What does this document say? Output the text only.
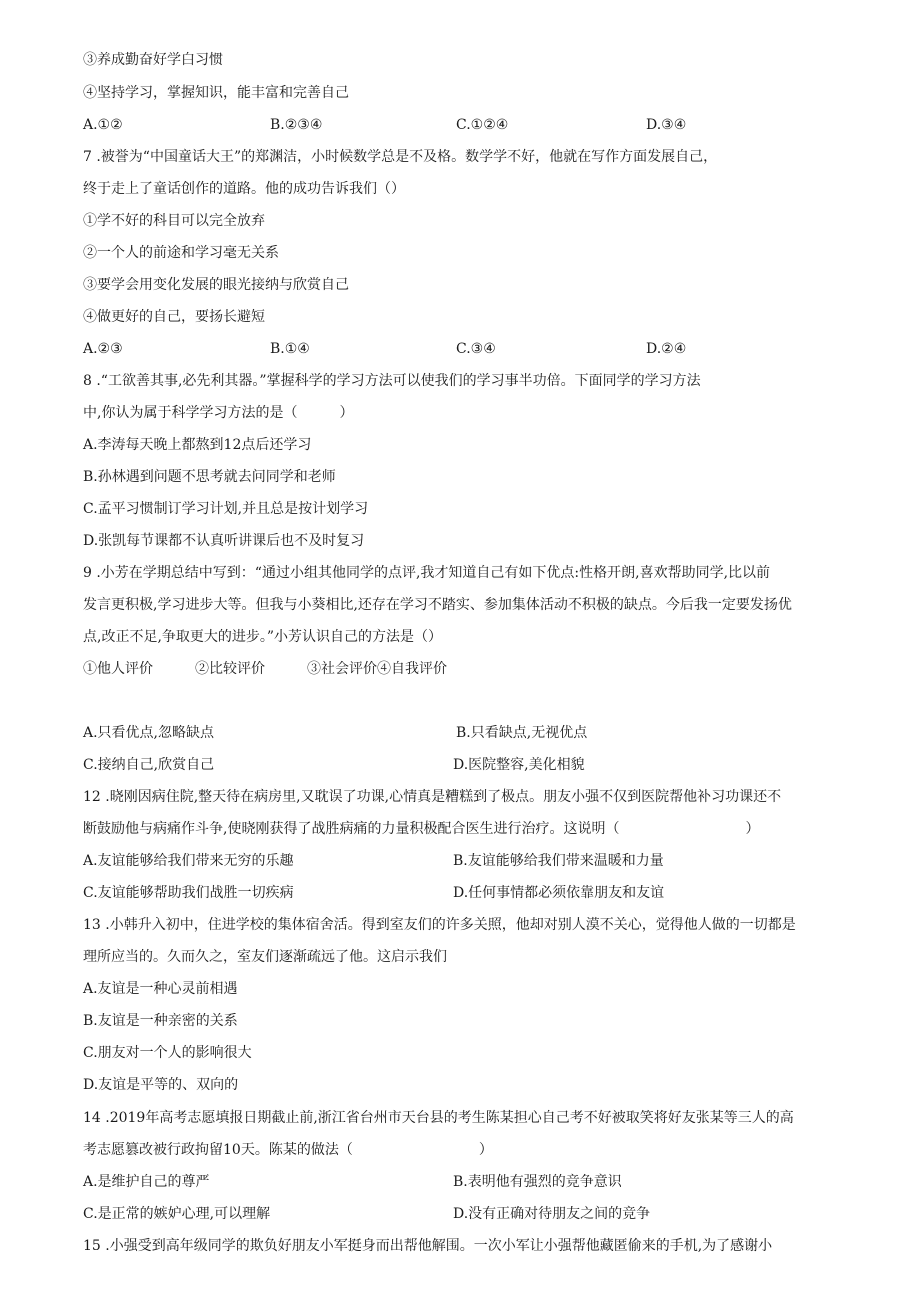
③养成勤奋好学白习惯
④坚持学习，掌握知识，能丰富和完善自己
A.①②	B.②③④	C.①②④	D.③④
7 .被誉为“中国童话大王”的郑渊洁，小时候数学总是不及格。数学学不好，他就在写作方面发展自己，
终于走上了童话创作的道路。他的成功告诉我们（）
①学不好的科目可以完全放弃
②一个人的前途和学习毫无关系
③要学会用变化发展的眼光接纳与欣赏自己
④做更好的自己，要扬长避短
A.②③	B.①④	C.③④	D.②④
8 .“工欲善其事,必先利其器。”掌握科学的学习方法可以使我们的学习事半功倍。下面同学的学习方法
中,你认为属于科学学习方法的是（　　　）
A.李涛每天晚上都熬到12点后还学习
B.孙林遇到问题不思考就去问同学和老师
C.孟平习惯制订学习计划,并且总是按计划学习
D.张凯每节课都不认真听讲课后也不及时复习
9 .小芳在学期总结中写到：“通过小组其他同学的点评,我才知道自己有如下优点:性格开朗,喜欢帮助同学,比以前
发言更积极,学习进步大等。但我与小葵相比,还存在学习不踏实、参加集体活动不积极的缺点。今后我一定要发扬优
点,改正不足,争取更大的进步。”小芳认识自己的方法是（）
①他人评价　　　②比较评价　　　③社会评价④自我评价
A.只看优点,忽略缺点	B.只看缺点,无视优点
C.接纳自己,欣赏自己	D.医院整容,美化相貌
12 .晓刚因病住院,整天待在病房里,又耽误了功课,心情真是糟糕到了极点。朋友小强不仅到医院帮他补习功课还不
断鼓励他与病痛作斗争,使晓刚获得了战胜病痛的力量积极配合医生进行治疗。这说明（　　　　　　　　　）
A.友谊能够给我们带来无穷的乐趣	B.友谊能够给我们带来温暖和力量
C.友谊能够帮助我们战胜一切疾病	D.任何事情都必须依靠朋友和友谊
13 .小韩升入初中，住进学校的集体宿舍活。得到室友们的许多关照，他却对别人漠不关心，觉得他人做的一切都是
理所应当的。久而久之，室友们逐渐疏远了他。这启示我们
A.友谊是一种心灵前相遇
B.友谊是一种亲密的关系
C.朋友对一个人的影响很大
D.友谊是平等的、双向的
14 .2019年高考志愿填报日期截止前,浙江省台州市天台县的考生陈某担心自己考不好被取笑将好友张某等三人的高
考志愿篡改被行政拘留10天。陈某的做法（　　　　　　　　　）
A.是维护自己的尊严	B.表明他有强烈的竞争意识
C.是正常的嫉妒心理,可以理解	D.没有正确对待朋友之间的竞争
15 .小强受到高年级同学的欺负好朋友小军挺身而出帮他解围。一次小军让小强帮他藏匿偷来的手机,为了感谢小
